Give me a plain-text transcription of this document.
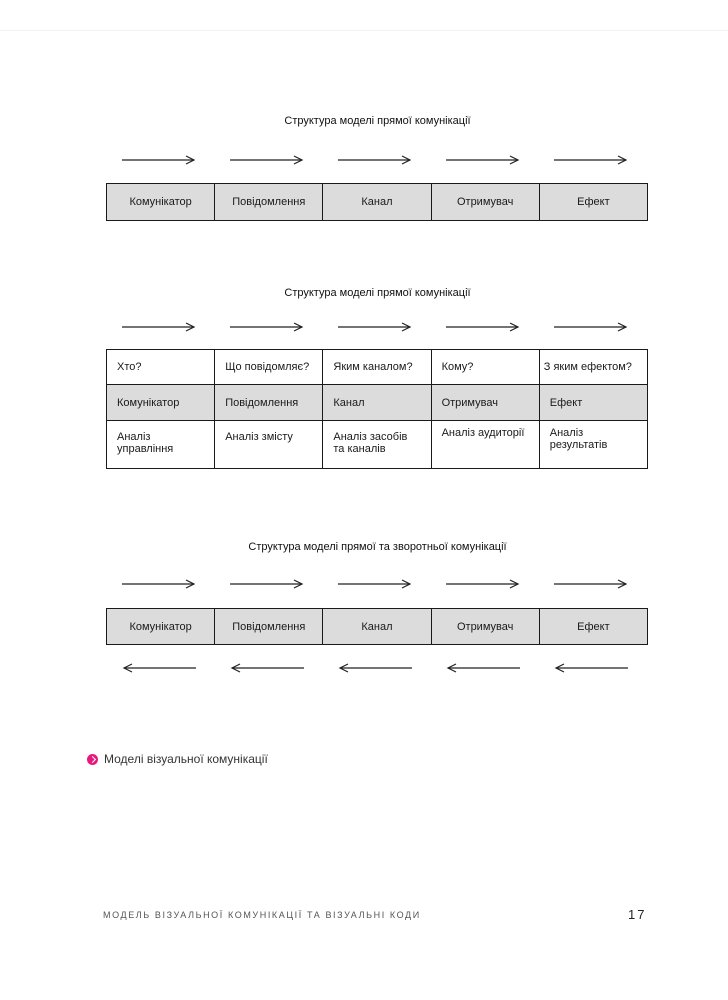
Структура моделі прямої комунікації
Комунікатор	Повідомлення	Канал	Отримувач	Ефект
Структура моделі прямої комунікації
Хто?	Що повідомляє?	Яким каналом?	Кому?	З яким ефектом?
Комунікатор	Повідомлення	Канал	Отримувач	Ефект
Аналіз управління	Аналіз змісту	Аналіз засобів та каналів	Аналіз аудиторії	Аналіз результатів
Структура моделі прямої та зворотньої комунікації
Комунікатор	Повідомлення	Канал	Отримувач	Ефект
Моделі візуальної комунікації
МОДЕЛЬ ВІЗУАЛЬНОЇ КОМУНІКАЦІЇ ТА ВІЗУАЛЬНІ КОДИ	17
